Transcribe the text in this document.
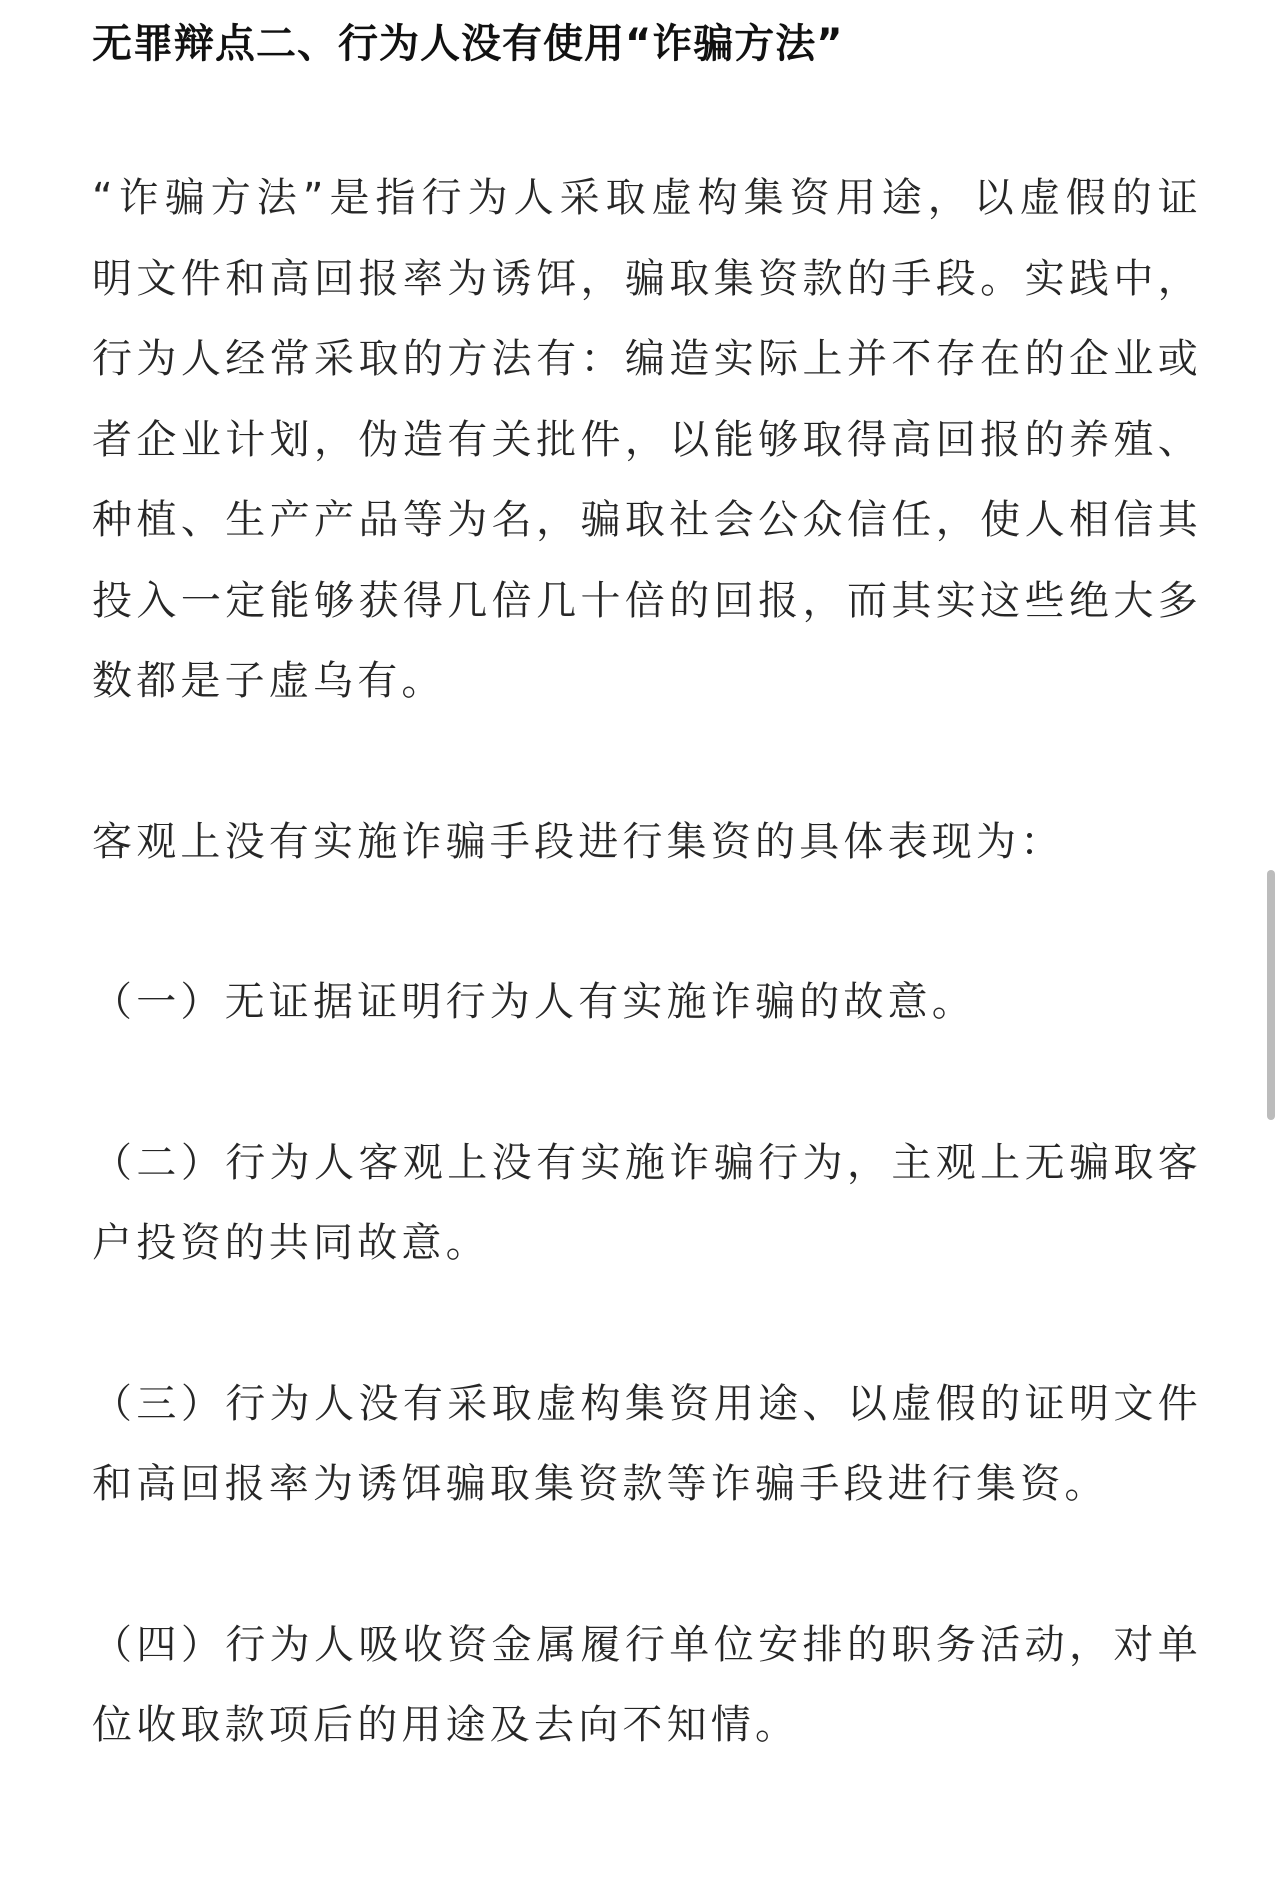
无罪辩点二、行为人没有使用“诈骗方法”

“诈骗方法”是指行为人采取虚构集资用途，以虚假的证明文件和高回报率为诱饵，骗取集资款的手段。实践中，行为人经常采取的方法有：编造实际上并不存在的企业或者企业计划，伪造有关批件，以能够取得高回报的养殖、种植、生产产品等为名，骗取社会公众信任，使人相信其投入一定能够获得几倍几十倍的回报，而其实这些绝大多数都是子虚乌有。

客观上没有实施诈骗手段进行集资的具体表现为：

（一）无证据证明行为人有实施诈骗的故意。

（二）行为人客观上没有实施诈骗行为，主观上无骗取客户投资的共同故意。

（三）行为人没有采取虚构集资用途、以虚假的证明文件和高回报率为诱饵骗取集资款等诈骗手段进行集资。

（四）行为人吸收资金属履行单位安排的职务活动，对单位收取款项后的用途及去向不知情。
